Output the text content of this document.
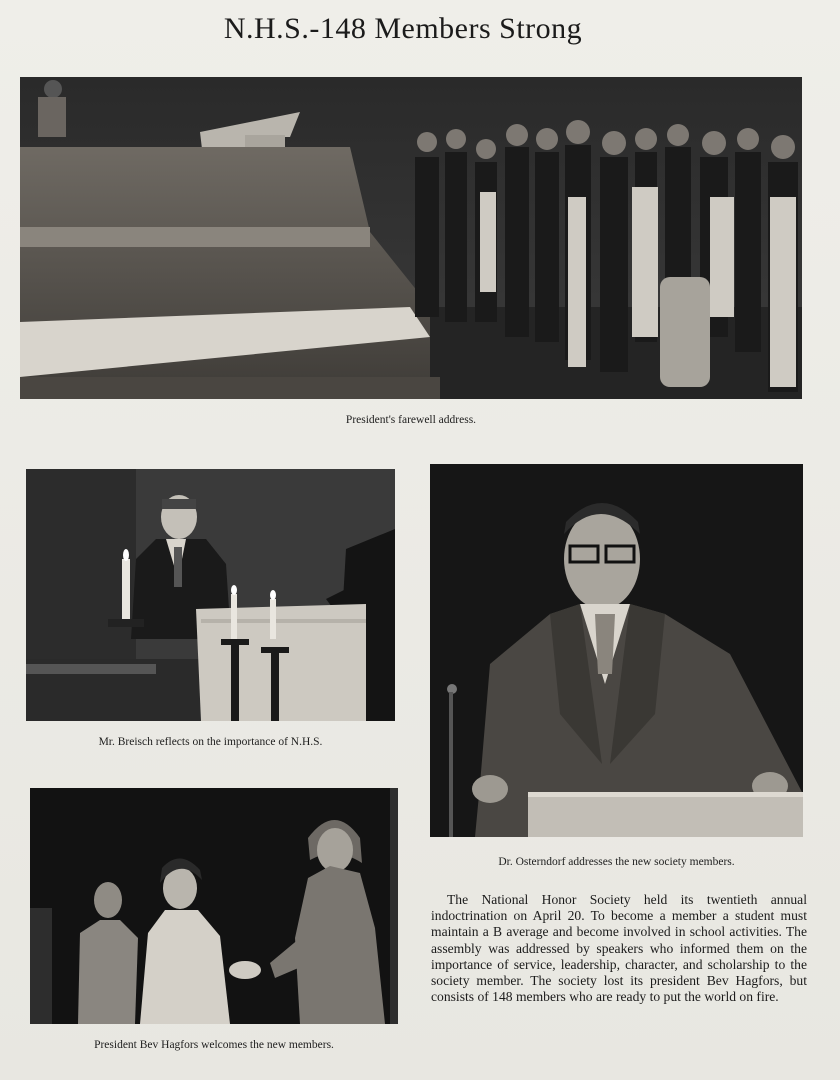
N.H.S.-148 Members Strong
President's farewell address.
Mr. Breisch reflects on the importance of N.H.S.
Dr. Osterndorf addresses the new society members.
President Bev Hagfors welcomes the new members.
The National Honor Society held its twentieth annual indoctrination on April 20. To become a member a student must maintain a B average and become involved in school activities. The assembly was addressed by speakers who informed them on the importance of service, leadership, character, and scholarship to the society member. The society lost its president Bev Hagfors, but consists of 148 members who are ready to put the world on fire.
